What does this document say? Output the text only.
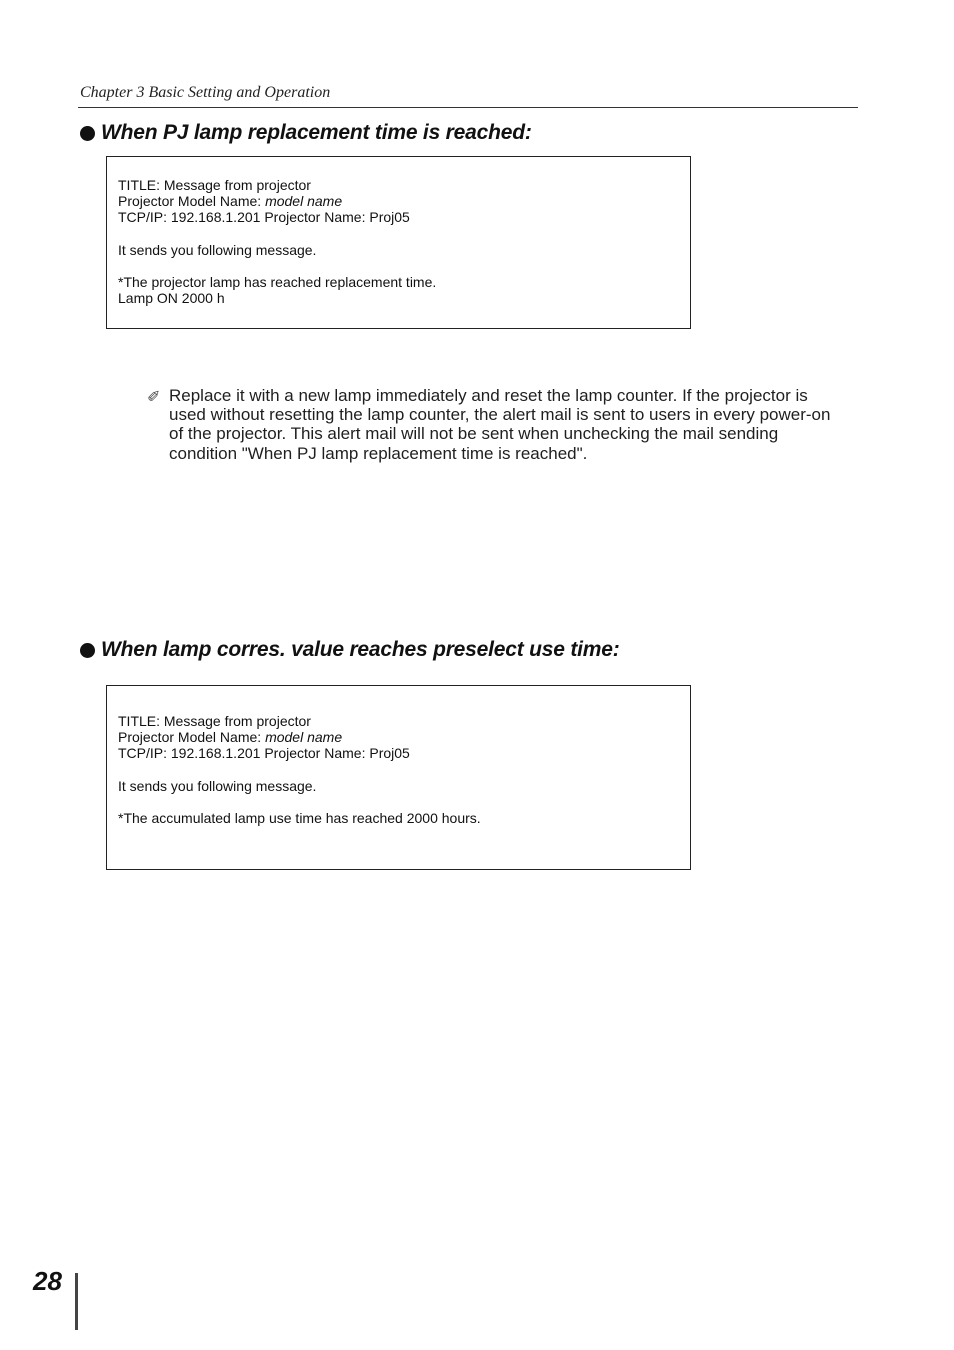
Chapter 3 Basic Setting and Operation
When PJ lamp replacement time is reached:
TITLE: Message from projector
Projector Model Name: model name
TCP/IP: 192.168.1.201 Projector Name: Proj05
It sends you following message.
*The projector lamp has reached replacement time.
Lamp ON 2000 h
✐ Replace it with a new lamp immediately and reset the lamp counter. If the projector is used without resetting the lamp counter, the alert mail is sent to users in every power-on of the projector. This alert mail will not be sent when unchecking the mail sending condition "When PJ lamp replacement time is reached".
When lamp corres. value reaches preselect use time:
TITLE: Message from projector
Projector Model Name: model name
TCP/IP: 192.168.1.201 Projector Name: Proj05
It sends you following message.
*The accumulated lamp use time has reached 2000 hours.
28
